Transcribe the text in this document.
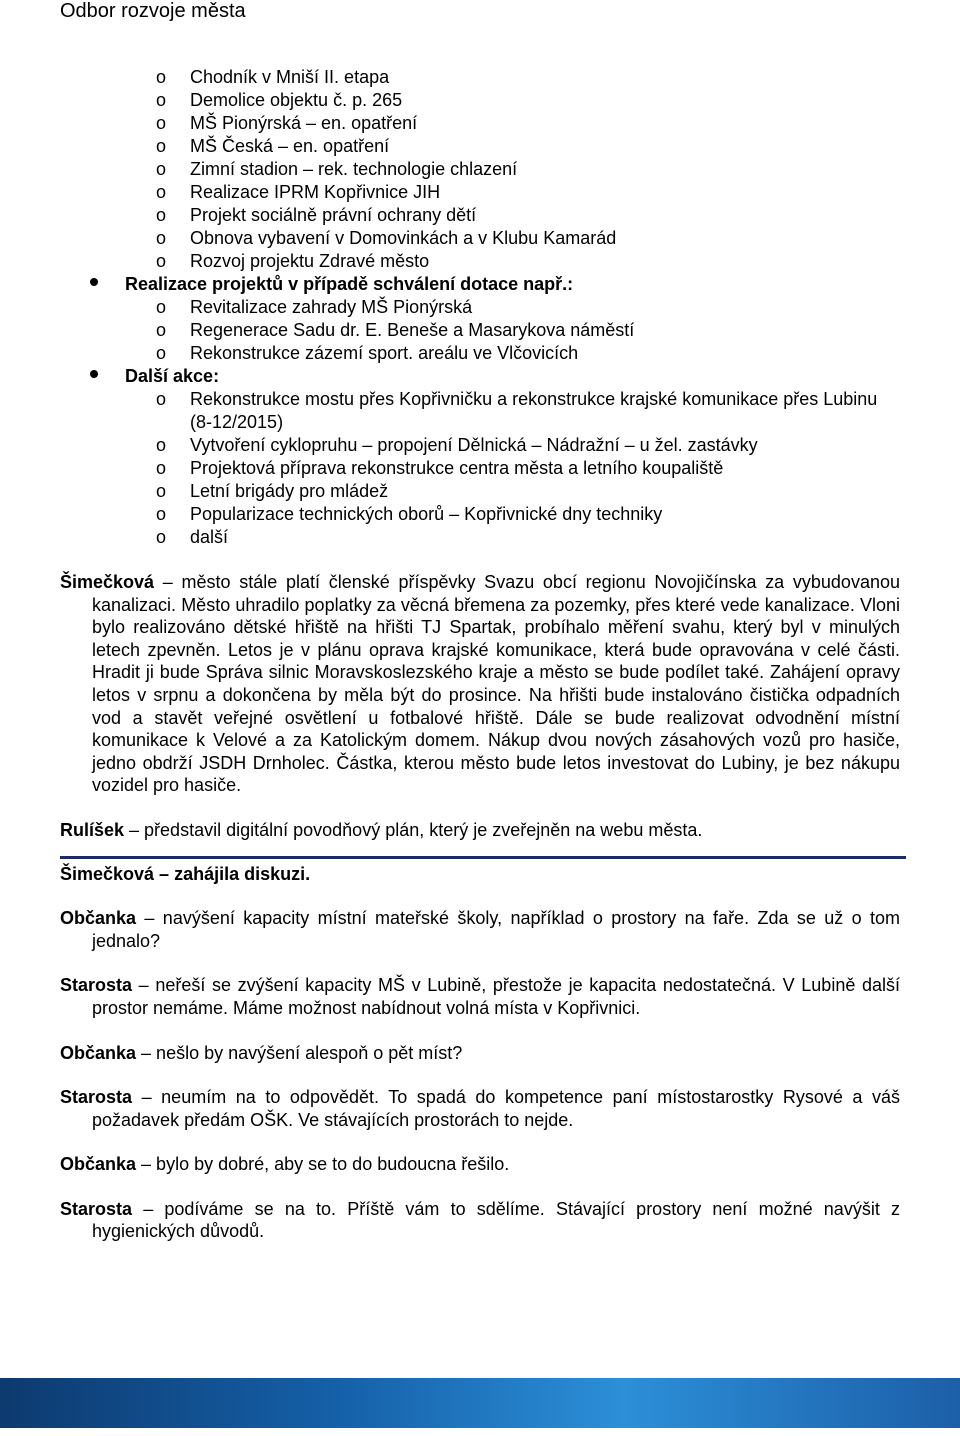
Odbor rozvoje města
o Chodník v Mniší II. etapa
o Demolice objektu č. p. 265
o MŠ Pionýrská – en. opatření
o MŠ Česká – en. opatření
o Zimní stadion – rek. technologie chlazení
o Realizace IPRM Kopřivnice JIH
o Projekt sociálně právní ochrany dětí
o Obnova vybavení v Domovinkách a v Klubu Kamarád
o Rozvoj projektu Zdravé město
Realizace projektů v případě schválení dotace např.:
o Revitalizace zahrady MŠ Pionýrská
o Regenerace Sadu dr. E. Beneše a Masarykova náměstí
o Rekonstrukce zázemí sport. areálu ve Vlčovicích
Další akce:
o Rekonstrukce mostu přes Kopřivničku a rekonstrukce krajské komunikace přes Lubinu (8-12/2015)
o Vytvoření cyklopruhu – propojení Dělnická – Nádražní – u žel. zastávky
o Projektová příprava rekonstrukce centra města a letního koupaliště
o Letní brigády pro mládež
o Popularizace technických oborů – Kopřivnické dny techniky
o další
Šimečková – město stále platí členské příspěvky Svazu obcí regionu Novojičínska za vybudovanou kanalizaci. Město uhradilo poplatky za věcná břemena za pozemky, přes které vede kanalizace. Vloni bylo realizováno dětské hřiště na hřišti TJ Spartak, probíhalo měření svahu, který byl v minulých letech zpevněn. Letos je v plánu oprava krajské komunikace, která bude opravována v celé části. Hradit ji bude Správa silnic Moravskoslezského kraje a město se bude podílet také. Zahájení opravy letos v srpnu a dokončena by měla být do prosince. Na hřišti bude instalováno čistička odpadních vod a stavět veřejné osvětlení u fotbalové hřiště. Dále se bude realizovat odvodnění místní komunikace k Velové a za Katolickým domem. Nákup dvou nových zásahových vozů pro hasiče, jedno obdrží JSDH Drnholec. Částka, kterou město bude letos investovat do Lubiny, je bez nákupu vozidel pro hasiče.
Rulíšek – představil digitální povodňový plán, který je zveřejněn na webu města.
Šimečková – zahájila diskuzi.
Občanka – navýšení kapacity místní mateřské školy, například o prostory na faře. Zda se už o tom jednalo?
Starosta – neřeší se zvýšení kapacity MŠ v Lubině, přestože je kapacita nedostatečná. V Lubině další prostor nemáme. Máme možnost nabídnout volná místa v Kopřivnici.
Občanka – nešlo by navýšení alespoň o pět míst?
Starosta – neumím na to odpovědět. To spadá do kompetence paní místostarostky Rysové a váš požadavek předám OŠK. Ve stávajících prostorách to nejde.
Občanka – bylo by dobré, aby se to do budoucna řešilo.
Starosta – podíváme se na to. Příště vám to sdělíme. Stávající prostory není možné navýšit z hygienických důvodů.
